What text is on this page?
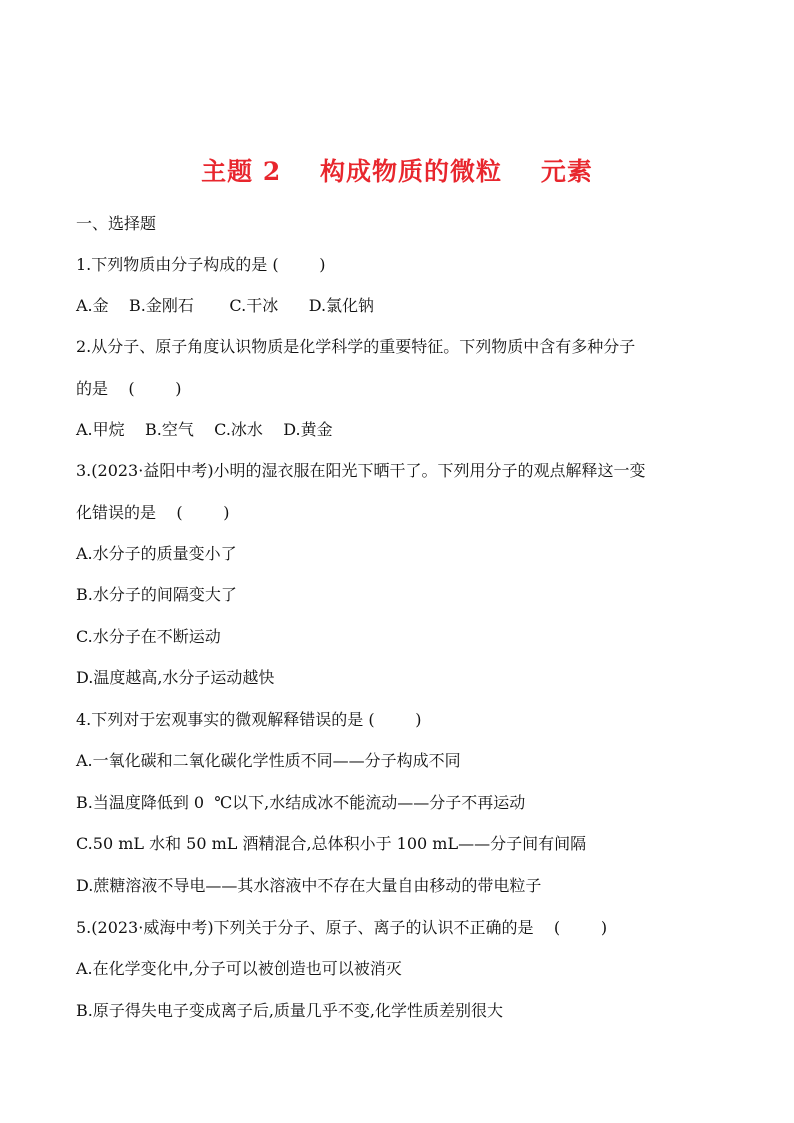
主题 2    构成物质的微粒    元素
一、选择题
1.下列物质由分子构成的是 (        )
A.金    B.金刚石       C.干冰      D.氯化钠
2.从分子、原子角度认识物质是化学科学的重要特征。下列物质中含有多种分子
的是    (        )
A.甲烷    B.空气    C.冰水    D.黄金
3.(2023·益阳中考)小明的湿衣服在阳光下晒干了。下列用分子的观点解释这一变
化错误的是    (        )
A.水分子的质量变小了
B.水分子的间隔变大了
C.水分子在不断运动
D.温度越高,水分子运动越快
4.下列对于宏观事实的微观解释错误的是 (        )
A.一氧化碳和二氧化碳化学性质不同——分子构成不同
B.当温度降低到 0  ℃以下,水结成冰不能流动——分子不再运动
C.50 mL 水和 50 mL 酒精混合,总体积小于 100 mL——分子间有间隔
D.蔗糖溶液不导电——其水溶液中不存在大量自由移动的带电粒子
5.(2023·威海中考)下列关于分子、原子、离子的认识不正确的是    (        )
A.在化学变化中,分子可以被创造也可以被消灭
B.原子得失电子变成离子后,质量几乎不变,化学性质差别很大
